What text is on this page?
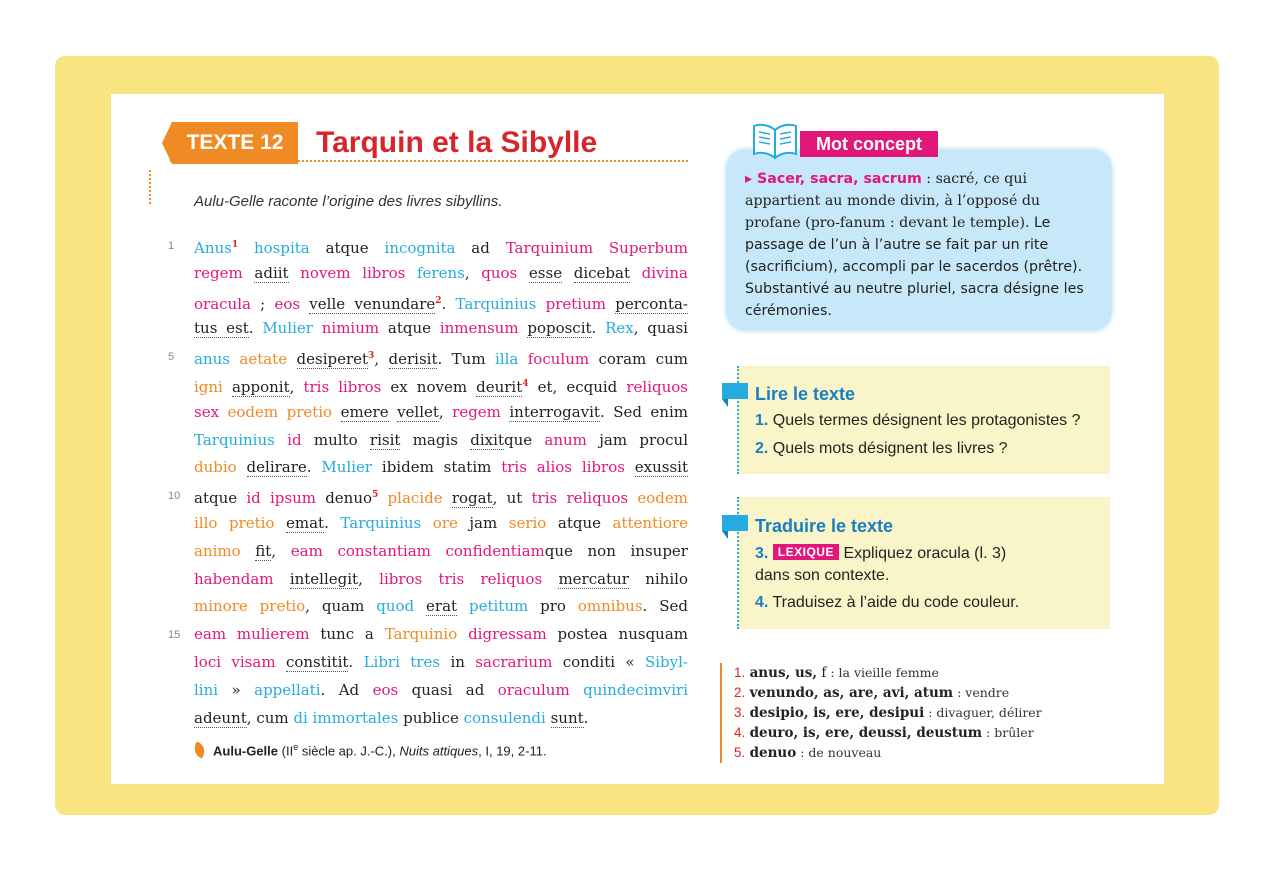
TEXTE 12	Tarquin et la Sibylle
Aulu-Gelle raconte l’origine des livres sibyllins.
1
5
10
15
Anus$^1$ hospita atque incognita ad Tarquinium Superbum
regem adiit novem libros ferens, quos esse dicebat divina
oracula ; eos velle venundare$^2$. Tarquinius pretium perconta-
tus est. Mulier nimium atque inmensum poposcit. Rex, quasi
anus aetate desiperet$^3$, derisit. Tum illa foculum coram cum
igni apponit, tris libros ex novem deurit$^4$ et, ecquid reliquos
sex eodem pretio emere vellet, regem interrogavit. Sed enim
Tarquinius id multo risit magis dixitque anum jam procul
dubio delirare. Mulier ibidem statim tris alios libros exussit
atque id ipsum denuo$^5$ placide rogat, ut tris reliquos eodem
illo pretio emat. Tarquinius ore jam serio atque attentiore
animo fit, eam constantiam confidentiamque non insuper
habendam intellegit, libros tris reliquos mercatur nihilo
minore pretio, quam quod erat petitum pro omnibus. Sed
eam mulierem tunc a Tarquinio digressam postea nusquam
loci visam constitit. Libri tres in sacrarium conditi « Sibyl-
lini » appellati. Ad eos quasi ad oraculum quindecimviri
adeunt, cum di immortales publice consulendi sunt.
Aulu-Gelle (IIe siècle ap. J.-C.), Nuits attiques, I, 19, 2-11.
Mot concept
▸ Sacer, sacra, sacrum : sacré, ce qui appartient au monde divin, à l’opposé du profane (pro-fanum : devant le temple). Le passage de l’un à l’autre se fait par un rite (sacrificium), accompli par le sacerdos (prêtre). Substantivé au neutre pluriel, sacra désigne les cérémonies.
Lire le texte
1. Quels termes désignent les protagonistes ?
2. Quels mots désignent les livres ?
Traduire le texte
3. LEXIQUE Expliquez oracula (l. 3)
dans son contexte.
4. Traduisez à l’aide du code couleur.
1. anus, us, f : la vieille femme
2. venundo, as, are, avi, atum : vendre
3. desipio, is, ere, desipui : divaguer, délirer
4. deuro, is, ere, deussi, deustum : brûler
5. denuo : de nouveau
